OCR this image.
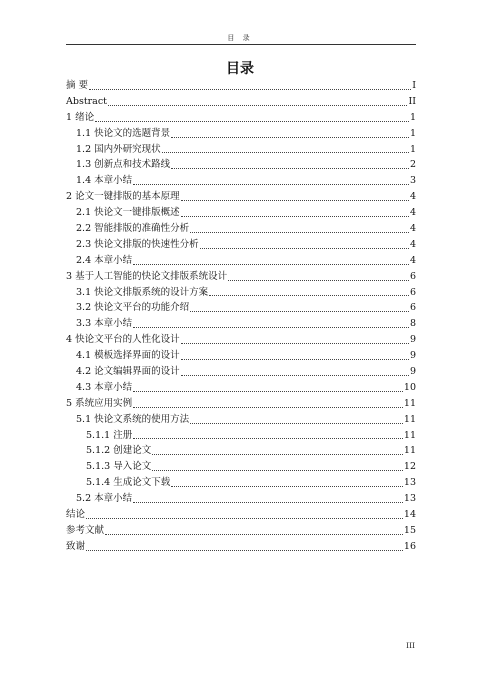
目 录
目录
摘 要	I
Abstract	II
1 绪论	1
1.1 快论文的选题背景	1
1.2 国内外研究现状	1
1.3 创新点和技术路线	2
1.4 本章小结	3
2 论文一键排版的基本原理	4
2.1 快论文一键排版概述	4
2.2 智能排版的准确性分析	4
2.3 快论文排版的快速性分析	4
2.4 本章小结	4
3 基于人工智能的快论文排版系统设计	6
3.1 快论文排版系统的设计方案	6
3.2 快论文平台的功能介绍	6
3.3 本章小结	8
4 快论文平台的人性化设计	9
4.1 模板选择界面的设计	9
4.2 论文编辑界面的设计	9
4.3 本章小结	10
5 系统应用实例	11
5.1 快论文系统的使用方法	11
5.1.1 注册	11
5.1.2 创建论文	11
5.1.3 导入论文	12
5.1.4 生成论文下载	13
5.2 本章小结	13
结论	14
参考文献	15
致谢	16
III
